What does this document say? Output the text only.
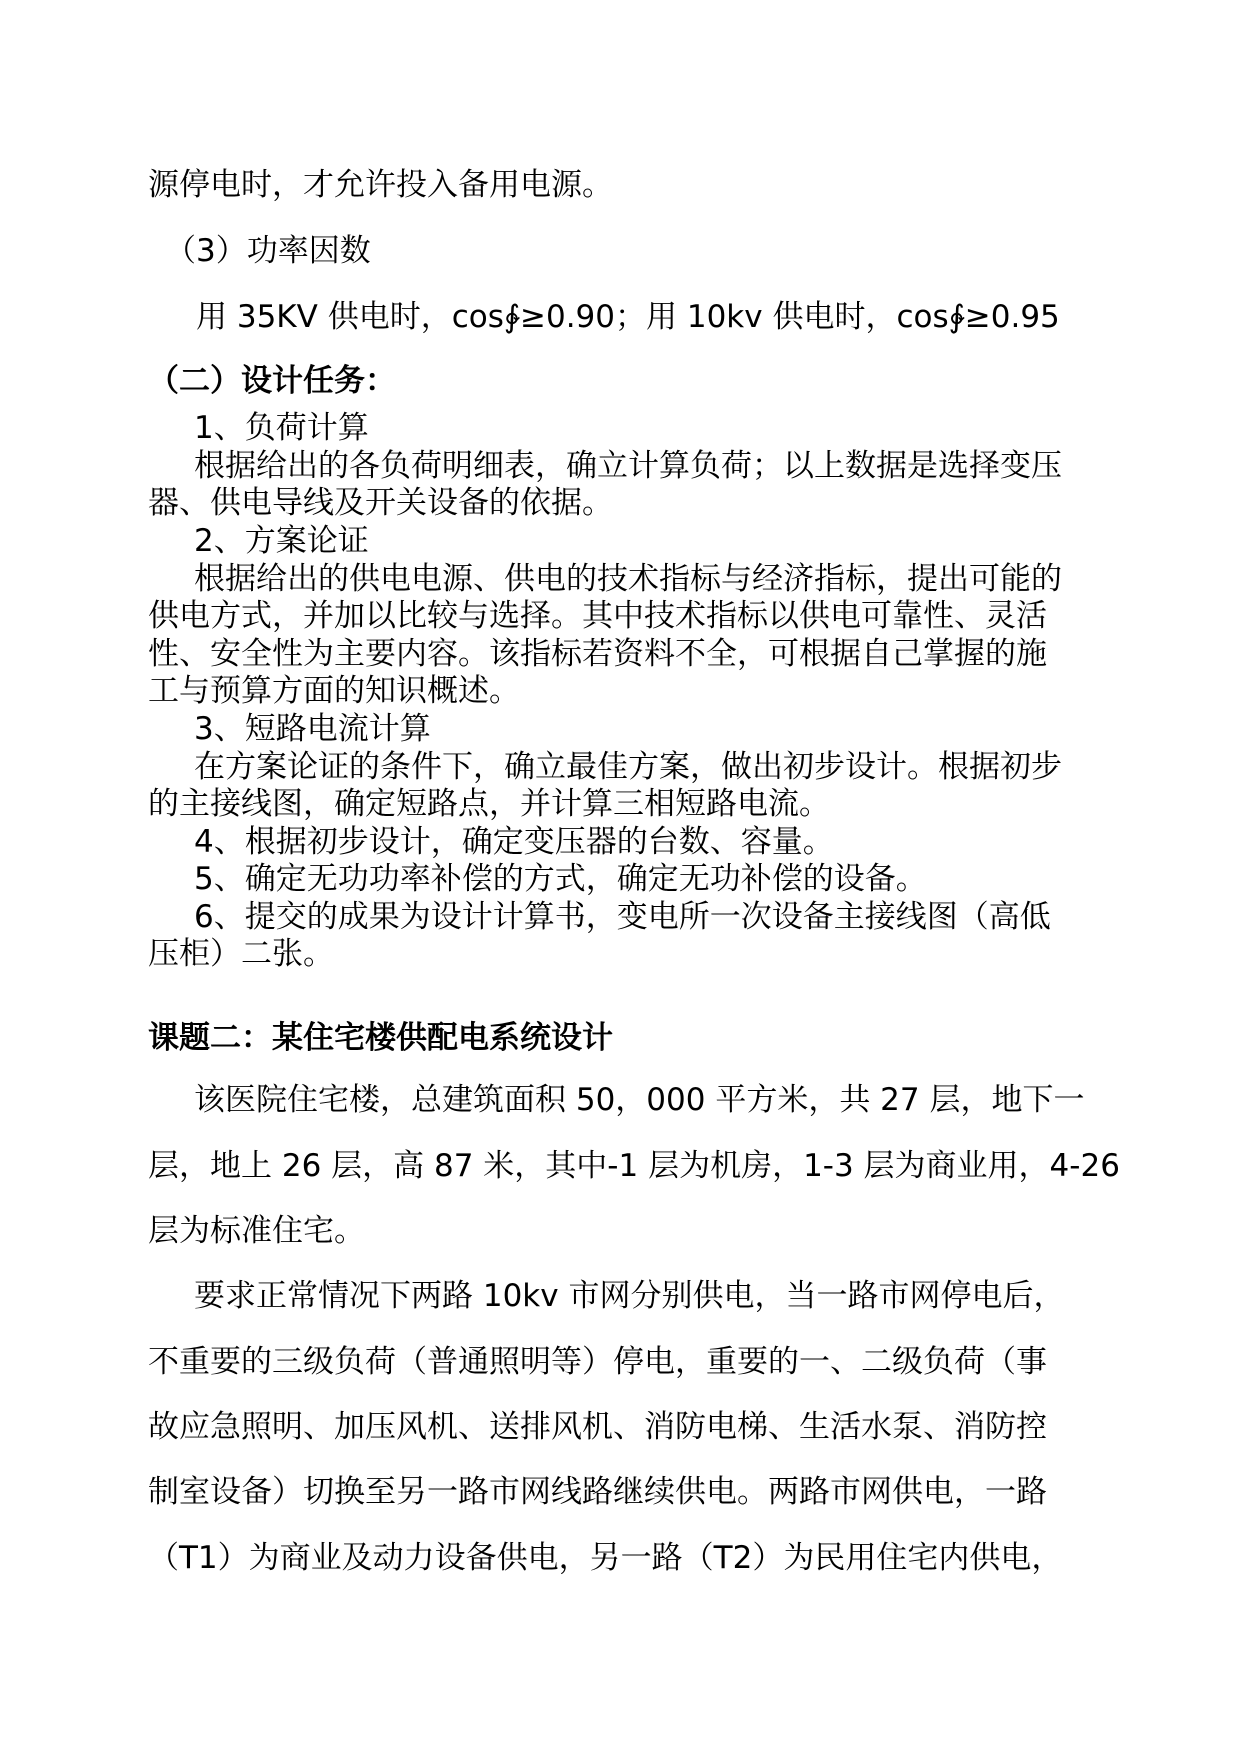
源停电时，才允许投入备用电源。
（3）功率因数
用 35KV 供电时，cos∲≥0.90；用 10kv 供电时，cos∲≥0.95
（二）设计任务：
1、负荷计算
根据给出的各负荷明细表，确立计算负荷；以上数据是选择变压
器、供电导线及开关设备的依据。
2、方案论证
根据给出的供电电源、供电的技术指标与经济指标，提出可能的
供电方式，并加以比较与选择。其中技术指标以供电可靠性、灵活
性、安全性为主要内容。该指标若资料不全，可根据自己掌握的施
工与预算方面的知识概述。
3、短路电流计算
在方案论证的条件下，确立最佳方案，做出初步设计。根据初步
的主接线图，确定短路点，并计算三相短路电流。
4、根据初步设计，确定变压器的台数、容量。
5、确定无功功率补偿的方式，确定无功补偿的设备。
6、提交的成果为设计计算书，变电所一次设备主接线图（高低
压柜）二张。
课题二：某住宅楼供配电系统设计
该医院住宅楼，总建筑面积 50，000 平方米，共 27 层，地下一
层，地上 26 层，高 87 米，其中-1 层为机房，1-3 层为商业用，4-26
层为标准住宅。
要求正常情况下两路 10kv 市网分别供电，当一路市网停电后，
不重要的三级负荷（普通照明等）停电，重要的一、二级负荷（事
故应急照明、加压风机、送排风机、消防电梯、生活水泵、消防控
制室设备）切换至另一路市网线路继续供电。两路市网供电，一路
（T1）为商业及动力设备供电，另一路（T2）为民用住宅内供电，
